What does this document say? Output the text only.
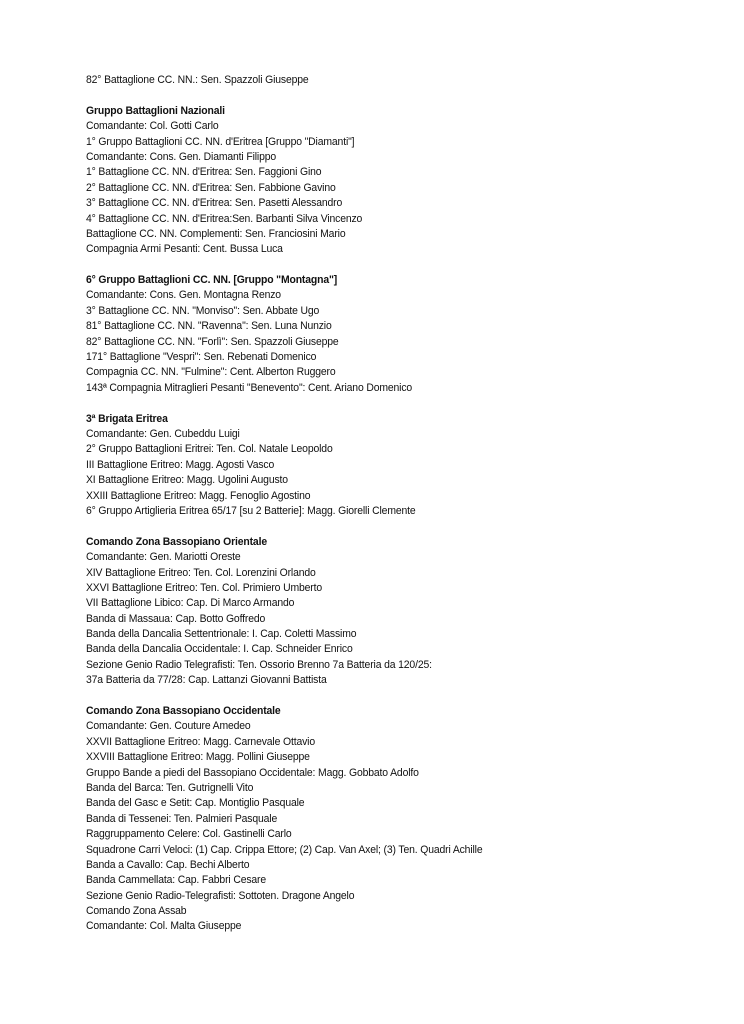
82° Battaglione CC. NN.: Sen. Spazzoli Giuseppe
Gruppo Battaglioni Nazionali
Comandante: Col. Gotti Carlo
1° Gruppo Battaglioni CC. NN. d'Eritrea [Gruppo "Diamanti"]
Comandante: Cons. Gen. Diamanti Filippo
1° Battaglione CC. NN. d'Eritrea: Sen. Faggioni Gino
2° Battaglione CC. NN. d'Eritrea: Sen. Fabbione Gavino
3° Battaglione CC. NN. d'Eritrea: Sen. Pasetti Alessandro
4° Battaglione CC. NN. d'Eritrea:Sen. Barbanti Silva Vincenzo
Battaglione CC. NN. Complementi: Sen. Franciosini Mario
Compagnia Armi Pesanti: Cent. Bussa Luca
6° Gruppo Battaglioni CC. NN. [Gruppo "Montagna"]
Comandante: Cons. Gen. Montagna Renzo
3° Battaglione CC. NN. "Monviso": Sen. Abbate Ugo
81° Battaglione CC. NN. "Ravenna": Sen. Luna Nunzio
82° Battaglione CC. NN. "Forlì": Sen. Spazzoli Giuseppe
171° Battaglione "Vespri": Sen. Rebenati Domenico
Compagnia CC. NN. "Fulmine": Cent. Alberton Ruggero
143ª Compagnia Mitraglieri Pesanti "Benevento": Cent. Ariano Domenico
3ª Brigata Eritrea
Comandante: Gen. Cubeddu Luigi
2° Gruppo Battaglioni Eritrei: Ten. Col. Natale Leopoldo
III Battaglione Eritreo: Magg. Agosti Vasco
XI Battaglione Eritreo: Magg. Ugolini Augusto
XXIII Battaglione Eritreo: Magg. Fenoglio Agostino
6° Gruppo Artiglieria Eritrea 65/17 [su 2 Batterie]: Magg. Giorelli Clemente
Comando Zona Bassopiano Orientale
Comandante: Gen. Mariotti Oreste
XIV Battaglione Eritreo: Ten. Col. Lorenzini Orlando
XXVI Battaglione Eritreo: Ten. Col. Primiero Umberto
VII Battaglione Libico: Cap. Di Marco Armando
Banda di Massaua: Cap. Botto Goffredo
Banda della Dancalia Settentrionale: I. Cap. Coletti Massimo
Banda della Dancalia Occidentale: I. Cap. Schneider Enrico
Sezione Genio Radio Telegrafisti: Ten. Ossorio Brenno 7a Batteria da 120/25:
37a Batteria da 77/28: Cap. Lattanzi Giovanni Battista
Comando Zona Bassopiano Occidentale
Comandante: Gen. Couture Amedeo
XXVII Battaglione Eritreo: Magg. Carnevale Ottavio
XXVIII Battaglione Eritreo: Magg. Pollini Giuseppe
Gruppo Bande a piedi del Bassopiano Occidentale: Magg. Gobbato Adolfo
Banda del Barca: Ten. Gutrignelli Vito
Banda del Gasc e Setit: Cap. Montiglio Pasquale
Banda di Tessenei: Ten. Palmieri Pasquale
Raggruppamento Celere: Col. Gastinelli Carlo
Squadrone Carri Veloci: (1) Cap. Crippa Ettore; (2) Cap. Van Axel; (3) Ten. Quadri Achille
Banda a Cavallo: Cap. Bechi Alberto
Banda Cammellata: Cap. Fabbri Cesare
Sezione Genio Radio-Telegrafisti: Sottoten. Dragone Angelo
Comando Zona Assab
Comandante: Col. Malta Giuseppe
